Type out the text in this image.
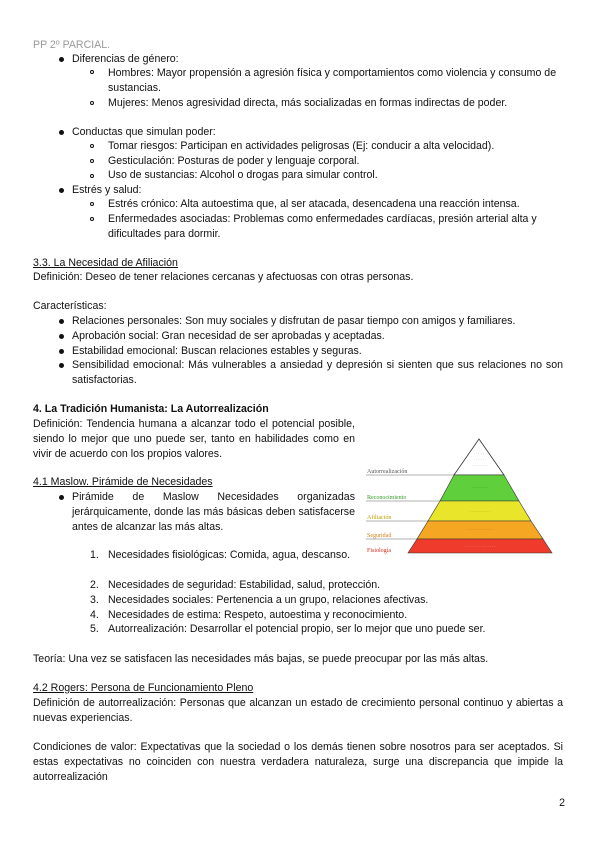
PP 2º PARCIAL.
Diferencias de género:
Hombres: Mayor propensión a agresión física y comportamientos como violencia y consumo de sustancias.
Mujeres: Menos agresividad directa, más socializadas en formas indirectas de poder.
Conductas que simulan poder:
Tomar riesgos: Participan en actividades peligrosas (Ej: conducir a alta velocidad).
Gesticulación: Posturas de poder y lenguaje corporal.
Uso de sustancias: Alcohol o drogas para simular control.
Estrés y salud:
Estrés crónico: Alta autoestima que, al ser atacada, desencadena una reacción intensa.
Enfermedades asociadas: Problemas como enfermedades cardíacas, presión arterial alta y dificultades para dormir.
3.3. La Necesidad de Afiliación
Definición: Deseo de tener relaciones cercanas y afectuosas con otras personas.
Características:
Relaciones personales: Son muy sociales y disfrutan de pasar tiempo con amigos y familiares.
Aprobación social: Gran necesidad de ser aprobadas y aceptadas.
Estabilidad emocional: Buscan relaciones estables y seguras.
Sensibilidad emocional: Más vulnerables a ansiedad y depresión si sienten que sus relaciones no son satisfactorias.
4. La Tradición Humanista: La Autorrealización
Definición: Tendencia humana a alcanzar todo el potencial posible, siendo lo mejor que uno puede ser, tanto en habilidades como en vivir de acuerdo con los propios valores.	· · · · ·
· · · · · · ·
· · · · · · · · ·
· · · · · · · ·
· · · · · · · · · ·
· · · · · · · · · · · · ·
· · · · · · · · · · · · · · ·
Autorrealización
Reconocimiento
Afiliación
Seguridad
Fisiología
4.1 Maslow. Pirámide de Necesidades
Pirámide de Maslow Necesidades organizadas jerárquicamente, donde las más básicas deben satisfacerse antes de alcanzar las más altas.
1. Necesidades fisiológicas: Comida, agua, descanso.
2. Necesidades de seguridad: Estabilidad, salud, protección.
3. Necesidades sociales: Pertenencia a un grupo, relaciones afectivas.
4. Necesidades de estima: Respeto, autoestima y reconocimiento.
5. Autorrealización: Desarrollar el potencial propio, ser lo mejor que uno puede ser.
Teoría: Una vez se satisfacen las necesidades más bajas, se puede preocupar por las más altas.
4.2 Rogers: Persona de Funcionamiento Pleno
Definición de autorrealización: Personas que alcanzan un estado de crecimiento personal continuo y abiertas a nuevas experiencias.
Condiciones de valor: Expectativas que la sociedad o los demás tienen sobre nosotros para ser aceptados. Si estas expectativas no coinciden con nuestra verdadera naturaleza, surge una discrepancia que impide la autorrealización
2
